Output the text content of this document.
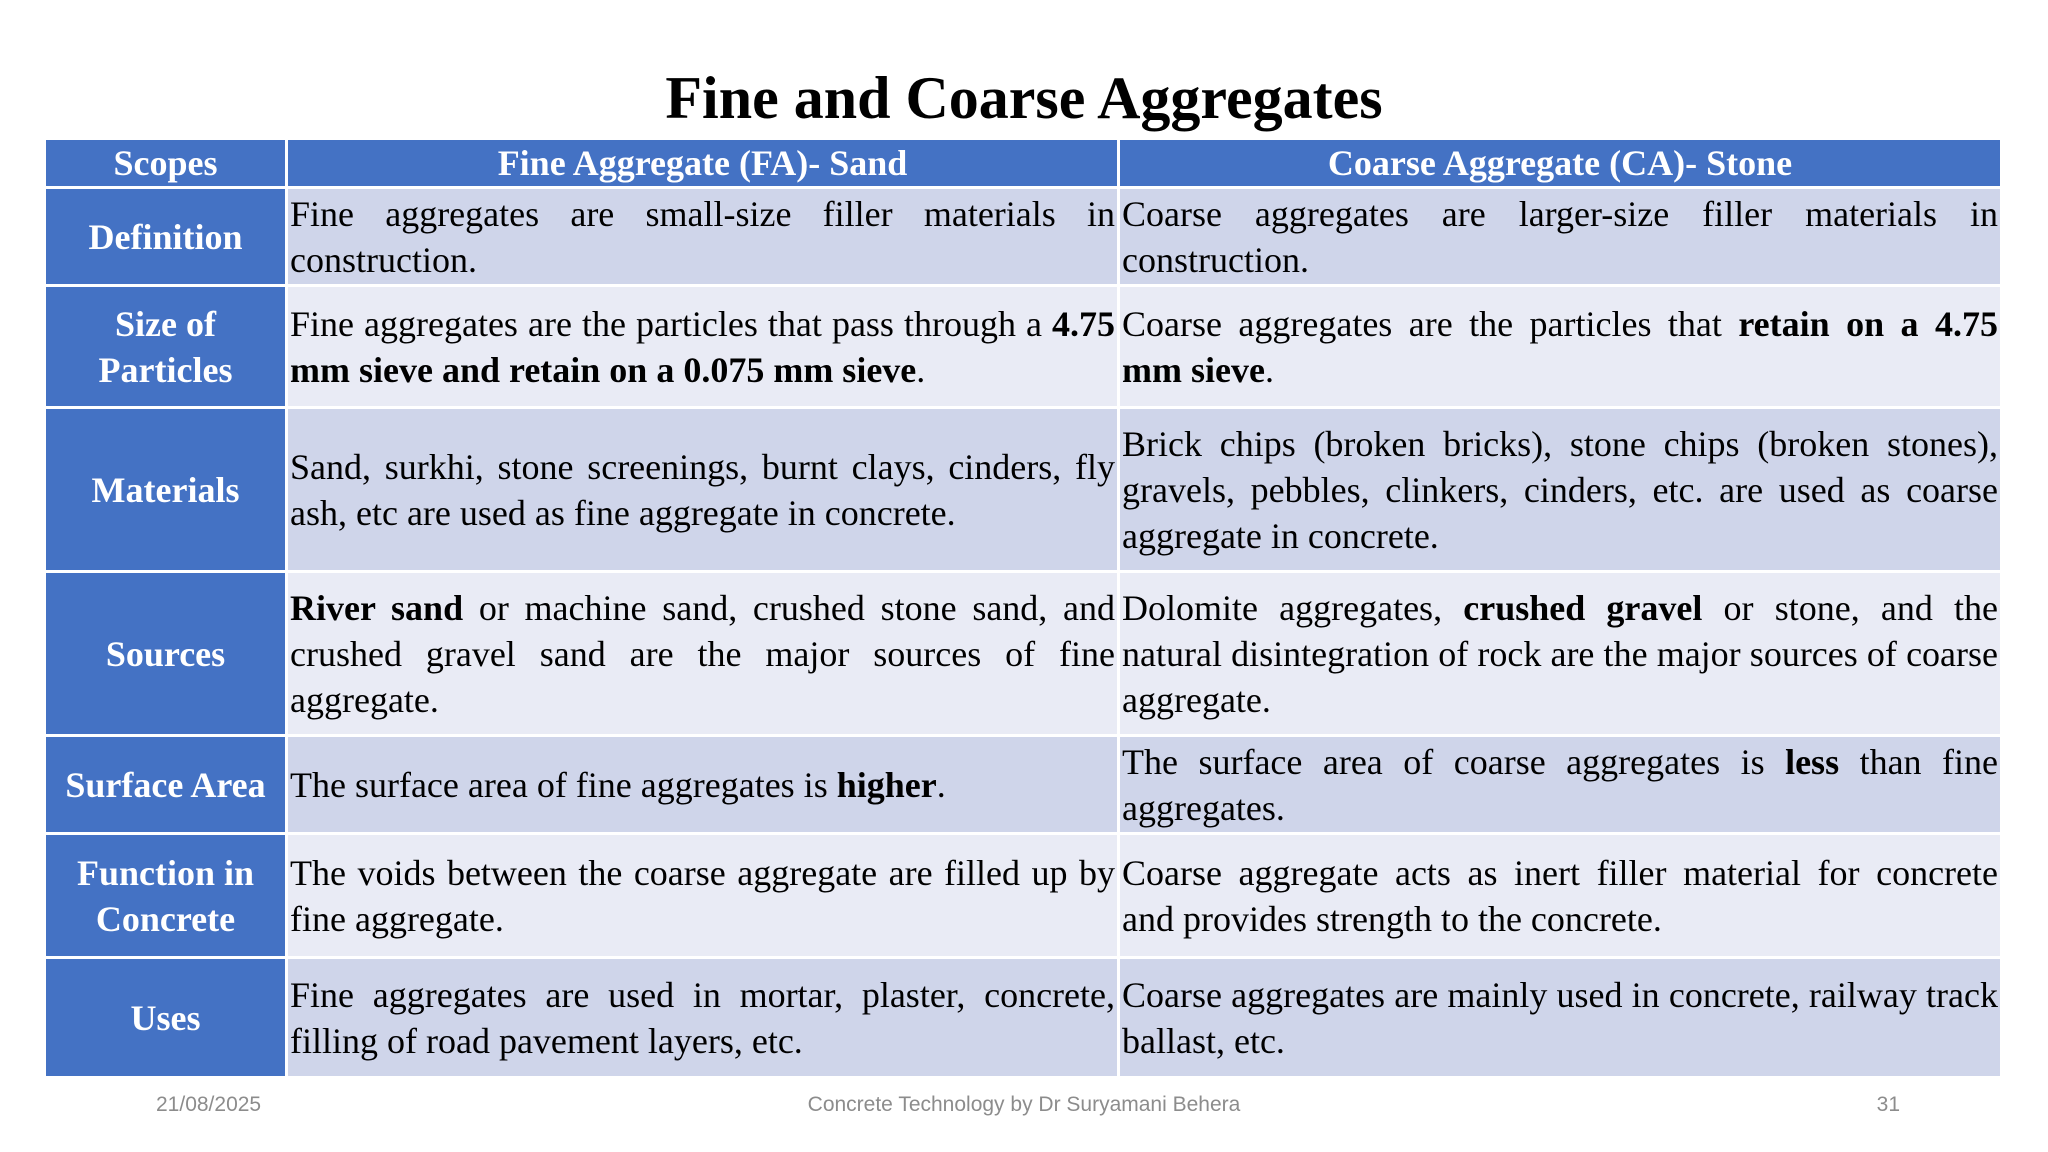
Fine and Coarse Aggregates
Scopes	Fine Aggregate (FA)- Sand	Coarse Aggregate (CA)- Stone
Definition	Fine aggregates are small-size filler materials in construction.	Coarse aggregates are larger-size filler materials in construction.
Size of Particles	Fine aggregates are the particles that pass through a 4.75 mm sieve and retain on a 0.075 mm sieve.	Coarse aggregates are the particles that retain on a 4.75 mm sieve.
Materials	Sand, surkhi, stone screenings, burnt clays, cinders, fly ash, etc are used as fine aggregate in concrete.	Brick chips (broken bricks), stone chips (broken stones), gravels, pebbles, clinkers, cinders, etc. are used as coarse aggregate in concrete.
Sources	River sand or machine sand, crushed stone sand, and crushed gravel sand are the major sources of fine aggregate.	Dolomite aggregates, crushed gravel or stone, and the natural disintegration of rock are the major sources of coarse aggregate.
Surface Area	The surface area of fine aggregates is higher.	The surface area of coarse aggregates is less than fine aggregates.
Function in Concrete	The voids between the coarse aggregate are filled up by fine aggregate.	Coarse aggregate acts as inert filler material for concrete and provides strength to the concrete.
Uses	Fine aggregates are used in mortar, plaster, concrete, filling of road pavement layers, etc.	Coarse aggregates are mainly used in concrete, railway track ballast, etc.
21/08/2025	Concrete Technology by Dr Suryamani Behera	31
